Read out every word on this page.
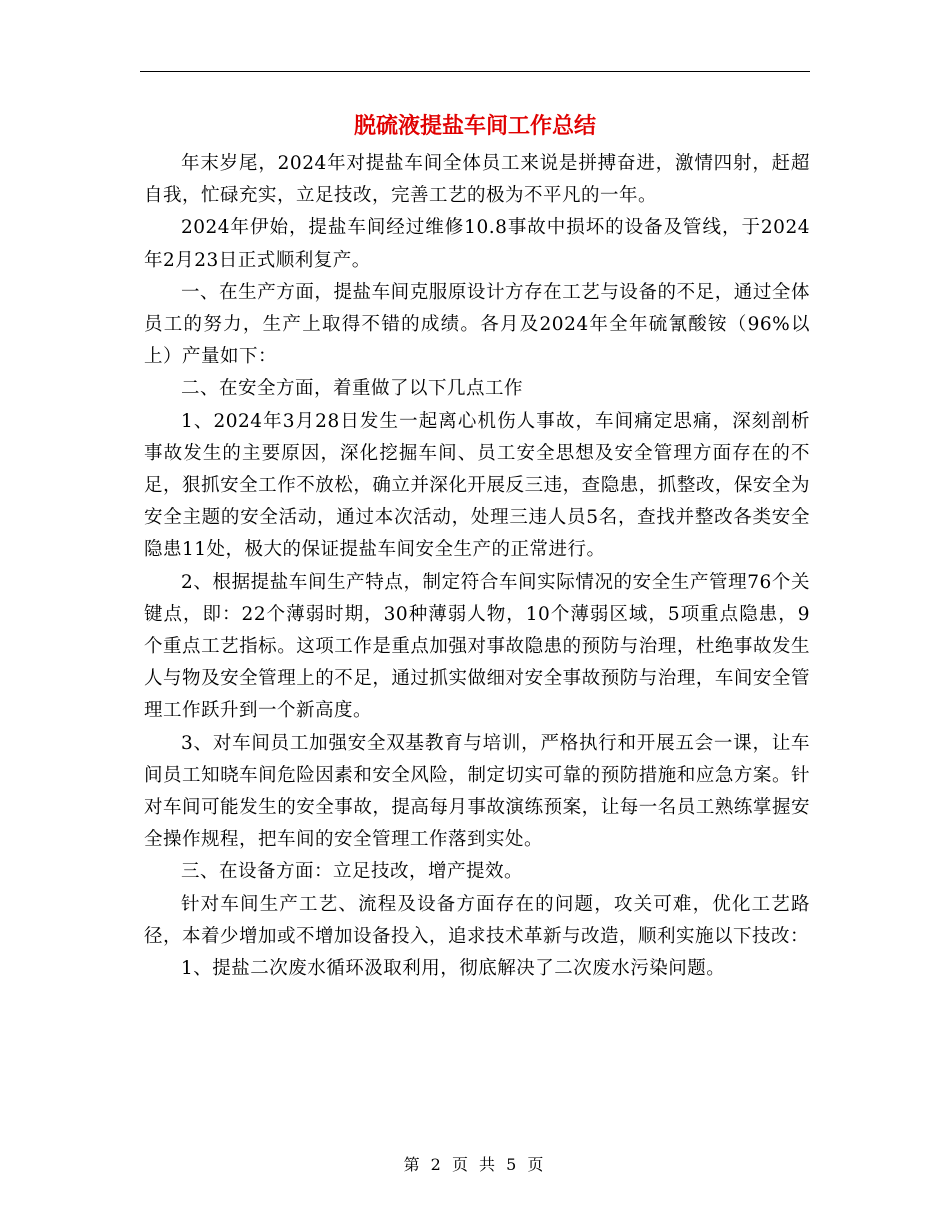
脱硫液提盐车间工作总结

年末岁尾，2024年对提盐车间全体员工来说是拼搏奋进，激情四射，赶超自我，忙碌充实，立足技改，完善工艺的极为不平凡的一年。

2024年伊始，提盐车间经过维修10.8事故中损坏的设备及管线，于2024年2月23日正式顺利复产。

一、在生产方面，提盐车间克服原设计方存在工艺与设备的不足，通过全体员工的努力，生产上取得不错的成绩。各月及2024年全年硫氰酸铵（96%以上）产量如下：

二、在安全方面，着重做了以下几点工作

1、2024年3月28日发生一起离心机伤人事故，车间痛定思痛，深刻剖析事故发生的主要原因，深化挖掘车间、员工安全思想及安全管理方面存在的不足，狠抓安全工作不放松，确立并深化开展反三违，查隐患，抓整改，保安全为安全主题的安全活动，通过本次活动，处理三违人员5名，查找并整改各类安全隐患11处，极大的保证提盐车间安全生产的正常进行。

2、根据提盐车间生产特点，制定符合车间实际情况的安全生产管理76个关键点，即：22个薄弱时期，30种薄弱人物，10个薄弱区域，5项重点隐患，9个重点工艺指标。这项工作是重点加强对事故隐患的预防与治理，杜绝事故发生人与物及安全管理上的不足，通过抓实做细对安全事故预防与治理，车间安全管理工作跃升到一个新高度。

3、对车间员工加强安全双基教育与培训，严格执行和开展五会一课，让车间员工知晓车间危险因素和安全风险，制定切实可靠的预防措施和应急方案。针对车间可能发生的安全事故，提高每月事故演练预案，让每一名员工熟练掌握安全操作规程，把车间的安全管理工作落到实处。

三、在设备方面：立足技改，增产提效。

针对车间生产工艺、流程及设备方面存在的问题，攻关可难，优化工艺路径，本着少增加或不增加设备投入，追求技术革新与改造，顺利实施以下技改：

1、提盐二次废水循环汲取利用，彻底解决了二次废水污染问题。

第 2 页 共 5 页
